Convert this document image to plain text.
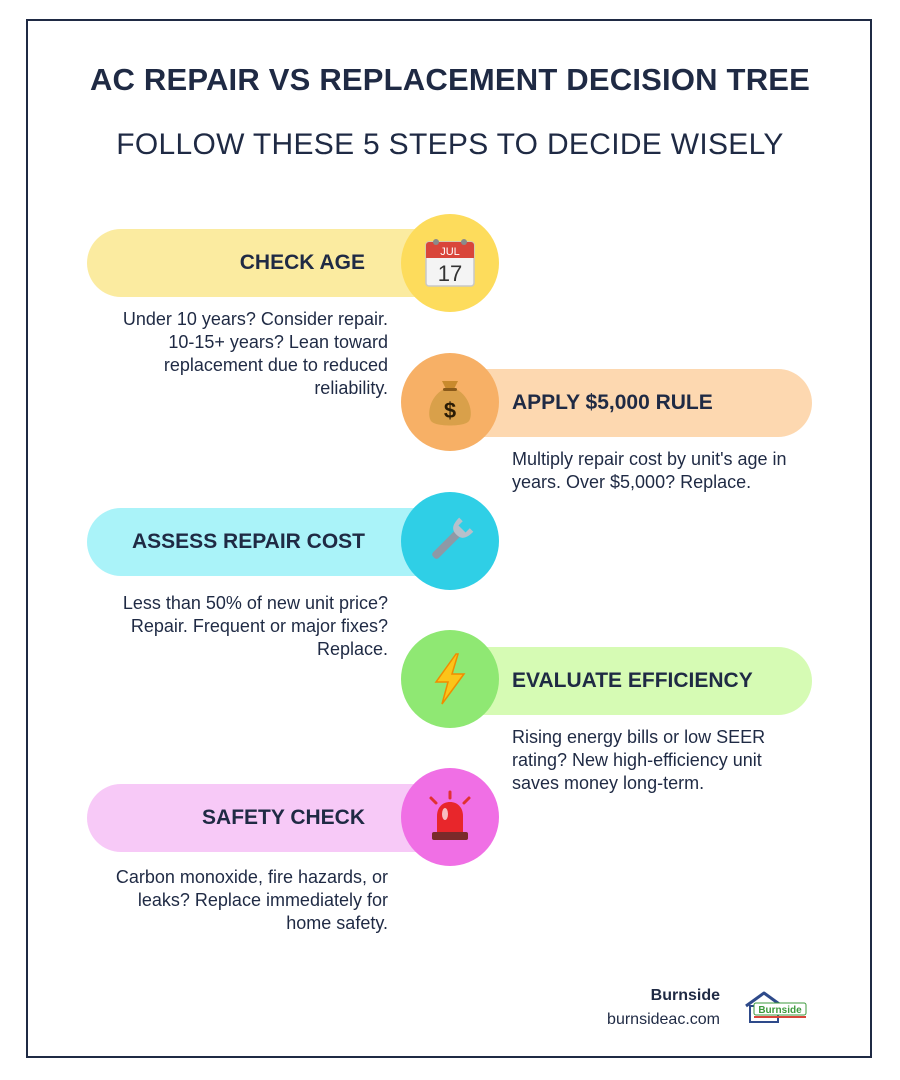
AC REPAIR VS REPLACEMENT DECISION TREE
FOLLOW THESE 5 STEPS TO DECIDE WISELY
CHECK AGE	JUL
17
Under 10 years? Consider repair. 10-15+ years? Lean toward replacement due to reduced reliability.
APPLY $5,000 RULE
$
Multiply repair cost by unit's age in years. Over $5,000? Replace.
ASSESS REPAIR COST
Less than 50% of new unit price? Repair. Frequent or major fixes? Replace.
EVALUATE EFFICIENCY
Rising energy bills or low SEER rating? New high-efficiency unit saves money long-term.
SAFETY CHECK
Carbon monoxide, fire hazards, or leaks? Replace immediately for home safety.
Burnside
burnsideac.com
Burnside
